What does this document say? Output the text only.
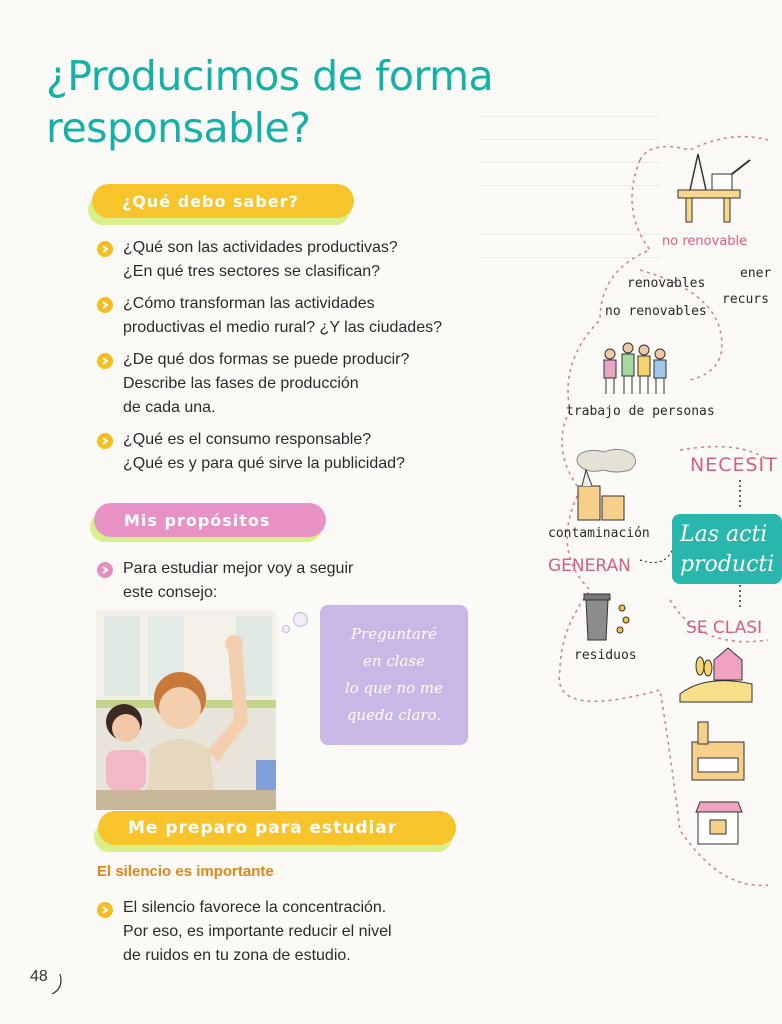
¿Producimos de forma responsable?
¿Qué debo saber?
¿Qué son las actividades productivas?
¿En qué tres sectores se clasifican?
¿Cómo transforman las actividades
productivas el medio rural? ¿Y las ciudades?
¿De qué dos formas se puede producir?
Describe las fases de producción
de cada una.
¿Qué es el consumo responsable?
¿Qué es y para qué sirve la publicidad?
Mis propósitos
Para estudiar mejor voy a seguir
este consejo:
Preguntaré
en clase
lo que no me
queda claro.
Me preparo para estudiar
El silencio es importante
El silencio favorece la concentración.
Por eso, es importante reducir el nivel
de ruidos en tu zona de estudio.
48
no renovable
renovables
no renovables
ener
recurs
trabajo de personas
NECESIT
contaminación
GENERAN
residuos
Las acti
producti
SE CLASI
